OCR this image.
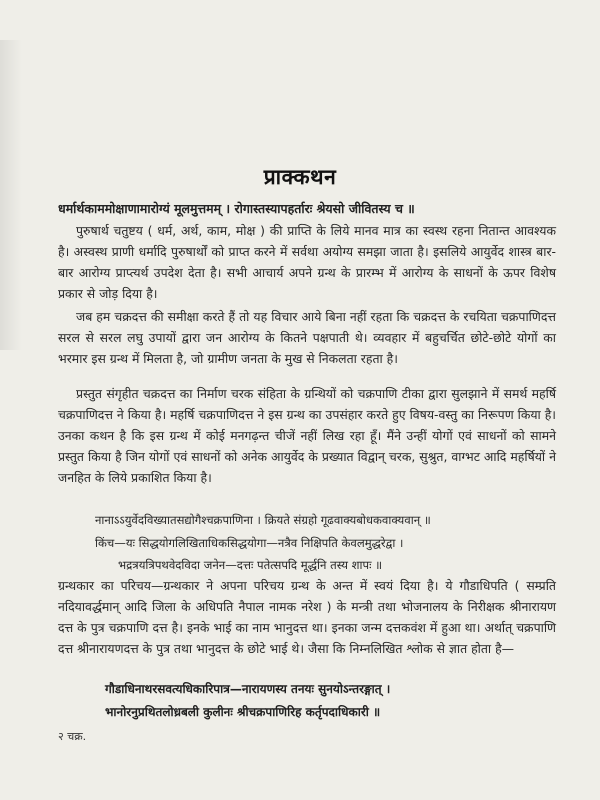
प्राक्कथन
धर्मार्थकाममोक्षाणामारोग्यं मूलमुत्तमम् । रोगास्तस्यापहर्तारः श्रेयसो जीवितस्य च ॥

पुरुषार्थ चतुष्टय ( धर्म, अर्थ, काम, मोक्ष ) की प्राप्ति के लिये मानव मात्र का स्वस्थ रहना नितान्त आवश्यक है। अस्वस्थ प्राणी धर्मादि पुरुषार्थों को प्राप्त करने में सर्वथा अयोग्य समझा जाता है। इसलिये आयुर्वेद शास्त्र बार-बार आरोग्य प्राप्त्यर्थ उपदेश देता है। सभी आचार्य अपने ग्रन्थ के प्रारम्भ में आरोग्य के साधनों के ऊपर विशेष प्रकार से जोड़ दिया है।

जब हम चक्रदत्त की समीक्षा करते हैं तो यह विचार आये बिना नहीं रहता कि चक्रदत्त के रचयिता चक्रपाणिदत्त सरल से सरल लघु उपायों द्वारा जन आरोग्य के कितने पक्षपाती थे। व्यवहार में बहुचर्चित छोटे-छोटे योगों का भरमार इस ग्रन्थ में मिलता है, जो ग्रामीण जनता के मुख से निकलता रहता है।

प्रस्तुत संगृहीत चक्रदत्त का निर्माण चरक संहिता के ग्रन्थियों को चक्रपाणि टीका द्वारा सुलझाने में समर्थ महर्षि चक्रपाणिदत्त ने किया है। महर्षि चक्रपाणिदत्त ने इस ग्रन्थ का उपसंहार करते हुए विषय-वस्तु का निरूपण किया है। उनका कथन है कि इस ग्रन्थ में कोई मनगढ़न्त चीजें नहीं लिख रहा हूँ। मैंने उन्हीं योगों एवं साधनों को सामने प्रस्तुत किया है जिन योगों एवं साधनों को अनेक आयुर्वेद के प्रख्यात विद्वान् चरक, सुश्रुत, वाग्भट आदि महर्षियों ने जनहित के लिये प्रकाशित किया है।

नानाऽऽयुर्वेदविख्यातसद्योगैश्चक्रपाणिना । क्रियते संग्रहो गूढवाक्यबोधकवाक्यवान् ॥
किंच—यः सिद्धयोगलिखिताधिकसिद्धयोगा—नत्रैव निक्षिपति केवलमुद्धरेद्वा ।
भद्रत्रयत्रिपथवेदविदा जनेन—दत्तः पतेत्सपदि मूर्द्धनि तस्य शापः ॥

ग्रन्थकार का परिचय—ग्रन्थकार ने अपना परिचय ग्रन्थ के अन्त में स्वयं दिया है। ये गौडाधिपति ( सम्प्रति नदियावर्द्धमान् आदि जिला के अधिपति नैपाल नामक नरेश ) के मन्त्री तथा भोजनालय के निरीक्षक श्रीनारायण दत्त के पुत्र चक्रपाणि दत्त है। इनके भाई का नाम भानुदत्त था। इनका जन्म दत्तकवंश में हुआ था। अर्थात् चक्रपाणि दत्त श्रीनारायणदत्त के पुत्र तथा भानुदत्त के छोटे भाई थे। जैसा कि निम्नलिखित श्लोक से ज्ञात होता है—

गौडाधिनाथरसवत्यधिकारिपात्र—नारायणस्य तनयः सुनयोऽन्तरङ्गात् ।
भानोरनुप्रथितलोध्रबली कुलीनः श्रीचक्रपाणिरिह कर्तृपदाधिकारी ॥
२ चक्र.
